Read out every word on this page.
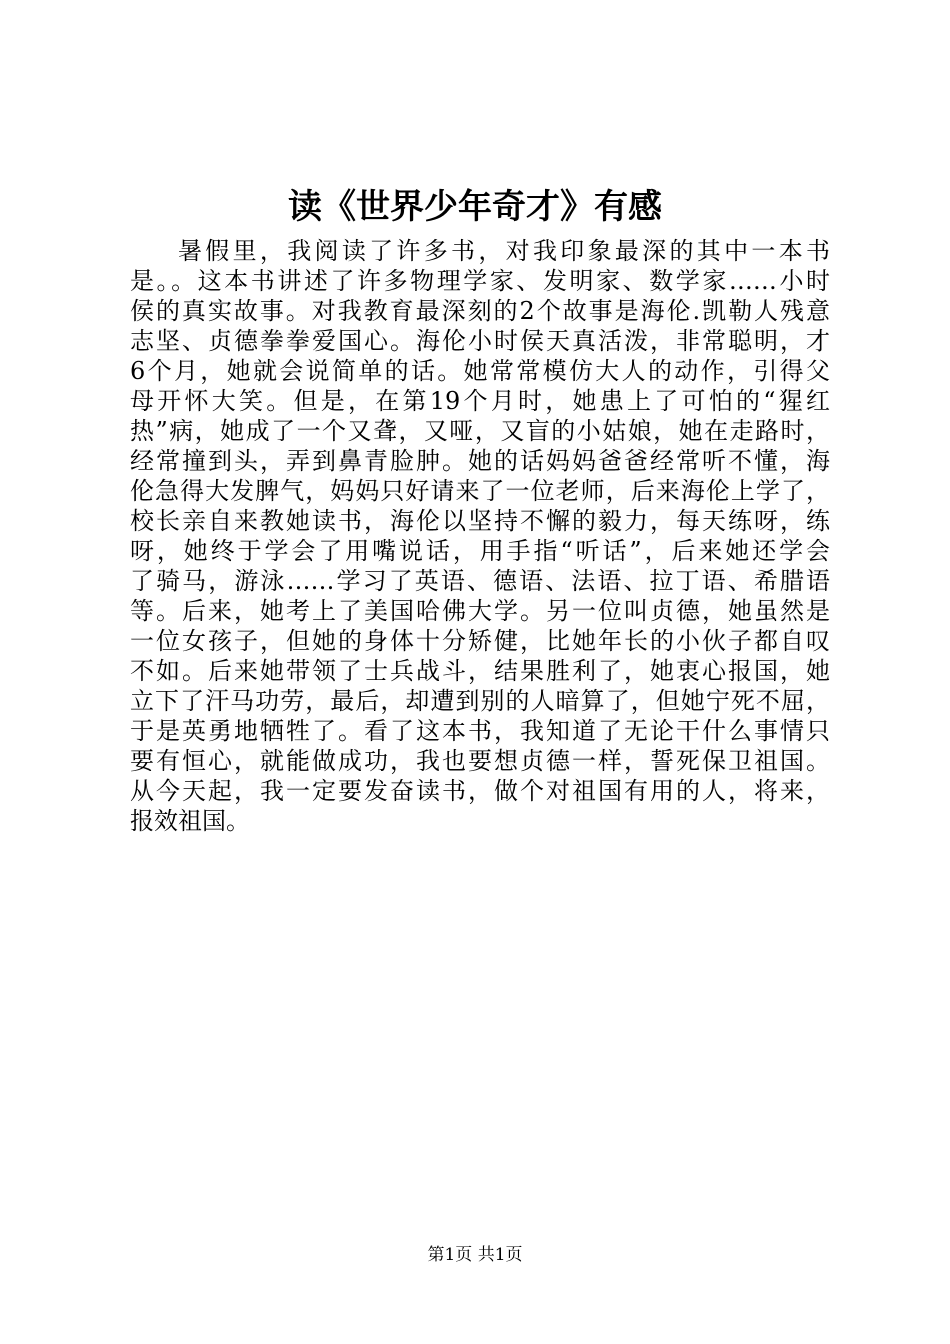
读《世界少年奇才》有感
暑假里，我阅读了许多书，对我印象最深的其中一本书
是。。这本书讲述了许多物理学家、发明家、数学家……小时
侯的真实故事。对我教育最深刻的2个故事是海伦.凯勒人残意
志坚、贞德拳拳爱国心。海伦小时侯天真活泼，非常聪明，才
6个月，她就会说简单的话。她常常模仿大人的动作，引得父
母开怀大笑。但是，在第19个月时，她患上了可怕的“猩红
热”病，她成了一个又聋，又哑，又盲的小姑娘，她在走路时，
经常撞到头，弄到鼻青脸肿。她的话妈妈爸爸经常听不懂，海
伦急得大发脾气，妈妈只好请来了一位老师，后来海伦上学了，
校长亲自来教她读书，海伦以坚持不懈的毅力，每天练呀，练
呀，她终于学会了用嘴说话，用手指“听话”，后来她还学会
了骑马，游泳……学习了英语、德语、法语、拉丁语、希腊语
等。后来，她考上了美国哈佛大学。另一位叫贞德，她虽然是
一位女孩子，但她的身体十分矫健，比她年长的小伙子都自叹
不如。后来她带领了士兵战斗，结果胜利了，她衷心报国，她
立下了汗马功劳，最后，却遭到别的人暗算了，但她宁死不屈，
于是英勇地牺牲了。看了这本书，我知道了无论干什么事情只
要有恒心，就能做成功，我也要想贞德一样，誓死保卫祖国。
从今天起，我一定要发奋读书，做个对祖国有用的人，将来，
报效祖国。
第1页 共1页
